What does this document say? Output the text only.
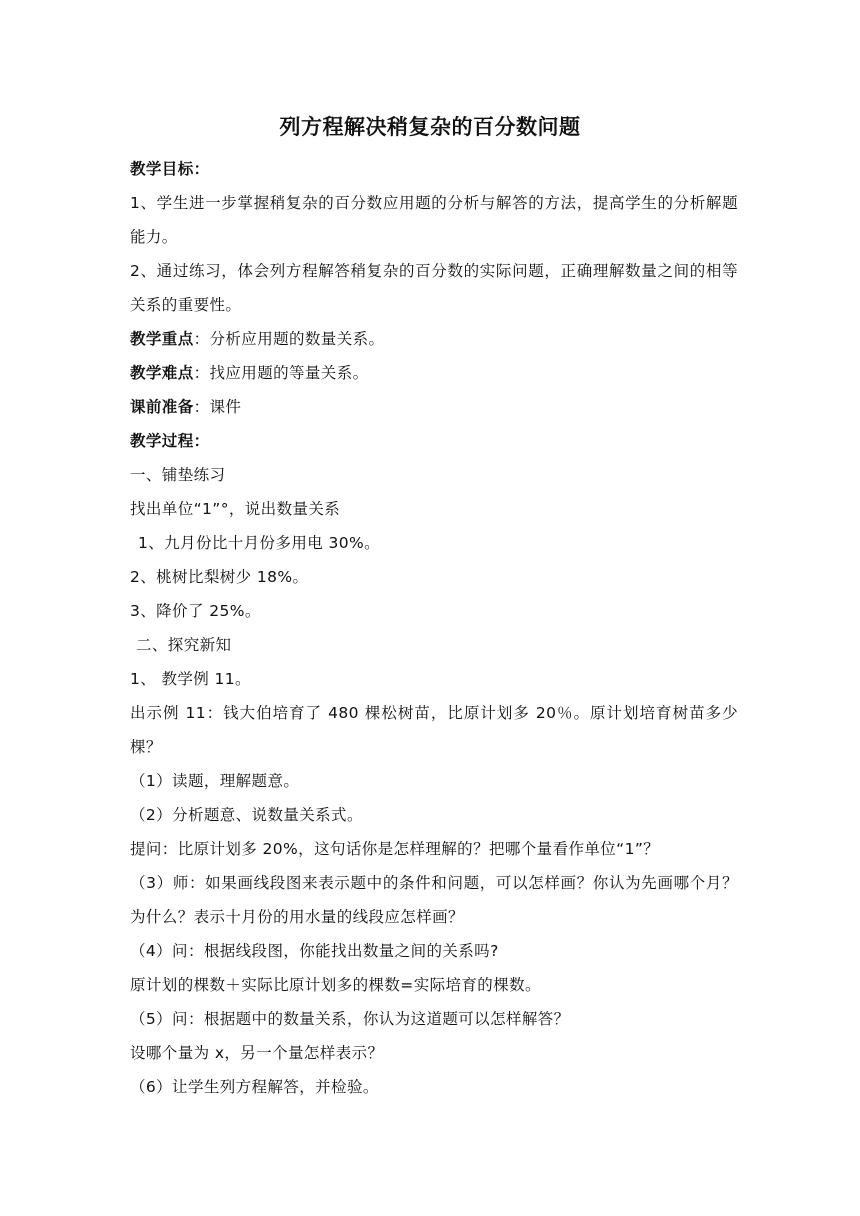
列方程解决稍复杂的百分数问题
教学目标：
1、学生进一步掌握稍复杂的百分数应用题的分析与解答的方法，提高学生的分析解题能力。
2、通过练习，体会列方程解答稍复杂的百分数的实际问题，正确理解数量之间的相等关系的重要性。
教学重点：分析应用题的数量关系。
教学难点：找应用题的等量关系。
课前准备：课件
教学过程：
一、铺垫练习
找出单位“1”°，说出数量关系
1、九月份比十月份多用电 30%。
2、桃树比梨树少 18%。
3、降价了 25%。
二、探究新知
1、 教学例 11。
出示例 11：钱大伯培育了 480 棵松树苗，比原计划多 20％。原计划培育树苗多少棵？
（1）读题，理解题意。
（2）分析题意、说数量关系式。
提问：比原计划多 20%，这句话你是怎样理解的？把哪个量看作单位“1”？
（3）师：如果画线段图来表示题中的条件和问题，可以怎样画？你认为先画哪个月？为什么？表示十月份的用水量的线段应怎样画？
（4）问：根据线段图，你能找出数量之间的关系吗?
原计划的棵数＋实际比原计划多的棵数=实际培育的棵数。
（5）问：根据题中的数量关系，你认为这道题可以怎样解答？
设哪个量为 x，另一个量怎样表示？
（6）让学生列方程解答，并检验。
